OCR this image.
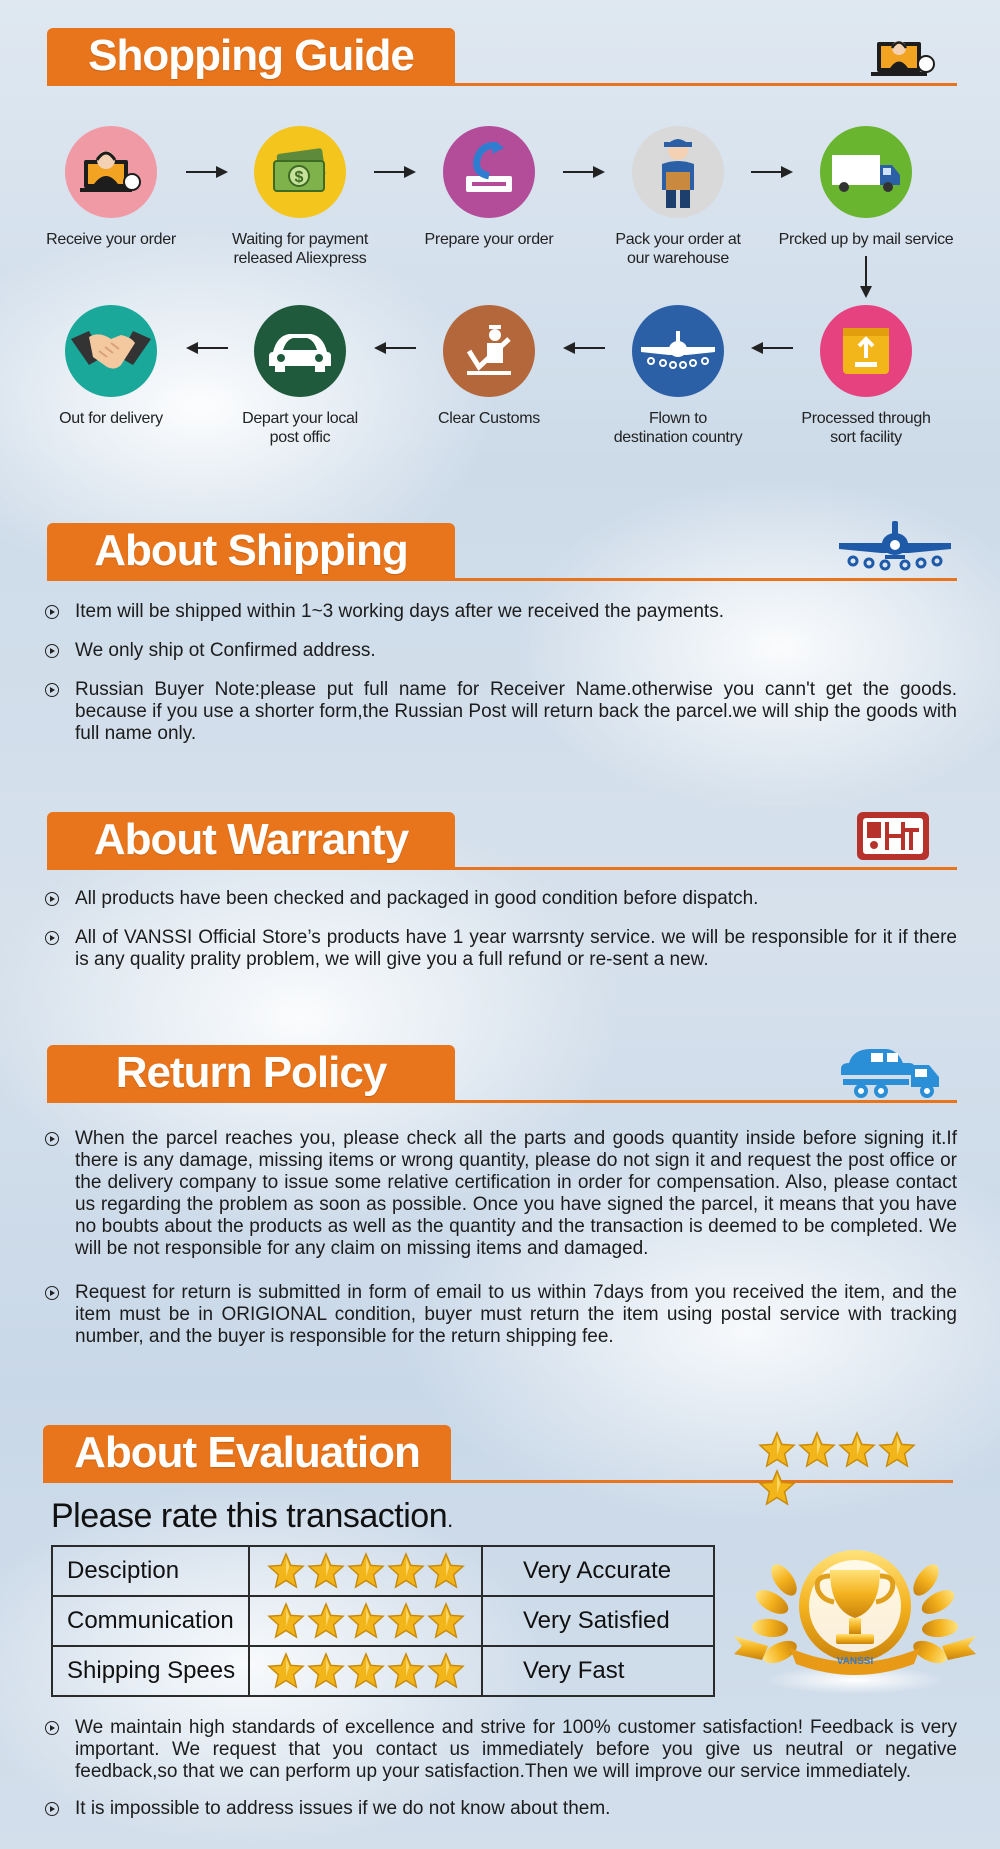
Shopping Guide
Receive your order
$
Waiting for payment
released Aliexpress
Prepare your order	Pack your order at
our warehouse
Prcked up by mail service
Processed through
sort facility
Flown to
destination country
Clear Customs
Depart your local
post offic
Out for delivery
About Shipping
Item will be shipped within 1~3 working days after we received the payments.
We only ship ot Confirmed address.
Russian Buyer Note:please put full name for Receiver Name.otherwise you cann't get the goods. because if you use a shorter form,the Russian Post will return back the parcel.we will ship the goods with full name only.
About Warranty
All products have been checked and packaged in good condition before dispatch.
All of VANSSI Official Store’s products have 1 year warrsnty service. we will be responsible for it if there is any quality prality problem, we will give you a full refund or re-sent a new.
Return Policy
When the parcel reaches you, please check all the parts and goods quantity inside before signing it.If there is any damage, missing items or wrong quantity, please do not sign it and request the post office or the delivery company to issue some relative certification in order for compensation. Also, please contact us regarding the problem as soon as possible. Once you have signed the parcel, it means that you have no boubts about the products as well as the quantity and the transaction is deemed to be completed. We will be not responsible for any claim on missing items and damaged.
Request for return is submitted in form of email to us within 7days from you received the item, and the item must be in ORIGIONAL condition, buyer must return the item using postal service with tracking number, and the buyer is responsible for the return shipping fee.
About Evaluation
Please rate this transaction.
Desciption		Very Accurate
Communication		Very Satisfied
Shipping Spees		Very Fast	VANSSI
We maintain high standards of excellence and strive for 100% customer satisfaction! Feedback is very important. We request that you contact us immediately before you give us neutral or negative feedback,so that we can perform up your satisfaction.Then we will improve our service immediately.
It is impossible to address issues if we do not know about them.
